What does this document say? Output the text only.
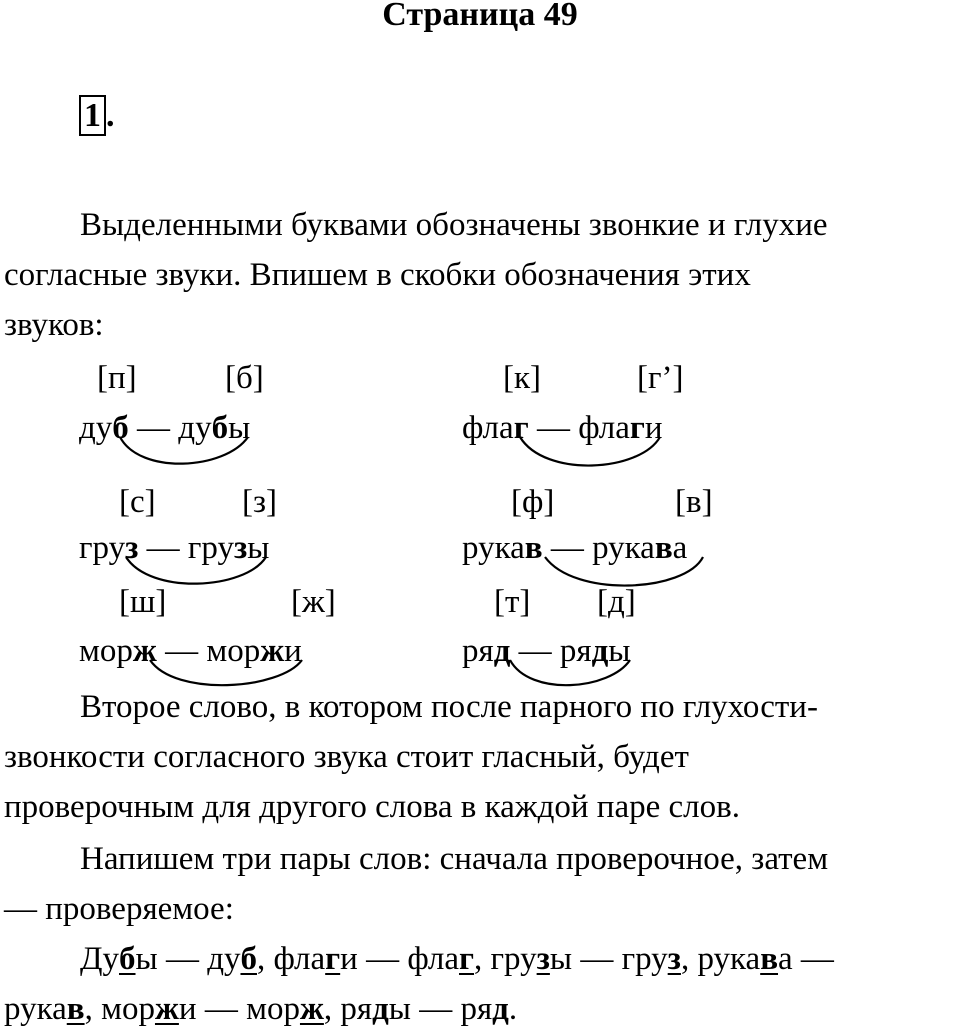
Страница 49
1 .
Выделенными буквами обозначены звонкие и глухие
согласные звуки. Впишем в скобки обозначения этих
звуков:
[п]	[б]
дуб — дубы
[к]	[г’]
флаг — флаги
[с]	[з]
груз — грузы
[ф]	[в]
рукав — рукава
[ш]	[ж]
морж — моржи
[т] [д]
ряд — ряды
Второе слово, в котором после парного по глухости-
звонкости согласного звука стоит гласный, будет
проверочным для другого слова в каждой паре слов.
Напишем три пары слов: сначала проверочное, затем
— проверяемое:
Дубы — дуб, флаги — флаг, грузы — груз, рукава —
рукав, моржи — морж, ряды — ряд.
